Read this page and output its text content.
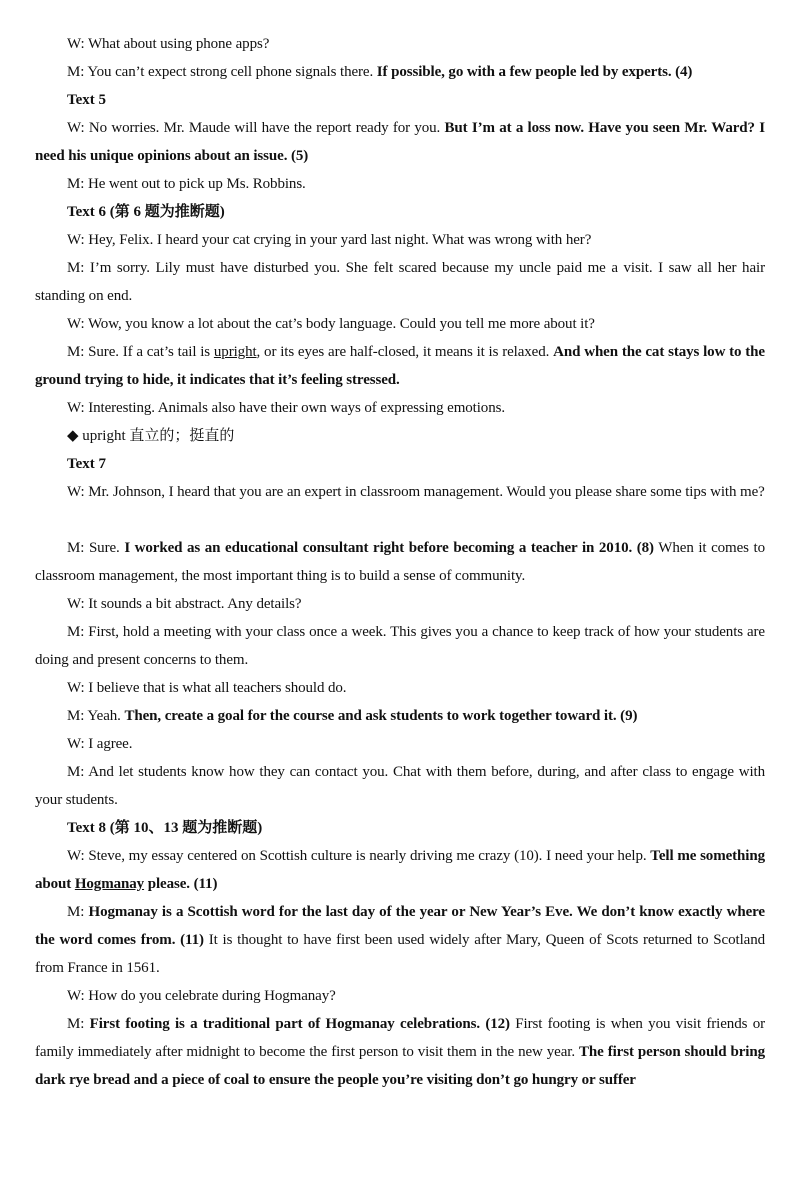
W: What about using phone apps?

M: You can’t expect strong cell phone signals there. If possible, go with a few people led by experts. (4)

Text 5

W: No worries. Mr. Maude will have the report ready for you. But I’m at a loss now. Have you seen Mr. Ward? I need his unique opinions about an issue. (5)

M: He went out to pick up Ms. Robbins.

Text 6 (第 6 题为推断题)

W: Hey, Felix. I heard your cat crying in your yard last night. What was wrong with her?

M: I’m sorry. Lily must have disturbed you. She felt scared because my uncle paid me a visit. I saw all her hair standing on end.

W: Wow, you know a lot about the cat’s body language. Could you tell me more about it?

M: Sure. If a cat’s tail is upright, or its eyes are half-closed, it means it is relaxed. And when the cat stays low to the ground trying to hide, it indicates that it’s feeling stressed.

W: Interesting. Animals also have their own ways of expressing emotions.

◆ upright 直立的；挺直的

Text 7

W: Mr. Johnson, I heard that you are an expert in classroom management. Would you please share some tips with me?

M: Sure. I worked as an educational consultant right before becoming a teacher in 2010. (8) When it comes to classroom management, the most important thing is to build a sense of community.

W: It sounds a bit abstract. Any details?

M: First, hold a meeting with your class once a week. This gives you a chance to keep track of how your students are doing and present concerns to them.

W: I believe that is what all teachers should do.

M: Yeah. Then, create a goal for the course and ask students to work together toward it. (9)

W: I agree.

M: And let students know how they can contact you. Chat with them before, during, and after class to engage with your students.

Text 8 (第 10、13 题为推断题)

W: Steve, my essay centered on Scottish culture is nearly driving me crazy (10). I need your help. Tell me something about Hogmanay please. (11)

M: Hogmanay is a Scottish word for the last day of the year or New Year’s Eve. We don’t know exactly where the word comes from. (11) It is thought to have first been used widely after Mary, Queen of Scots returned to Scotland from France in 1561.

W: How do you celebrate during Hogmanay?

M: First footing is a traditional part of Hogmanay celebrations. (12) First footing is when you visit friends or family immediately after midnight to become the first person to visit them in the new year. The first person should bring dark rye bread and a piece of coal to ensure the people you’re visiting don’t go hungry or suffer
